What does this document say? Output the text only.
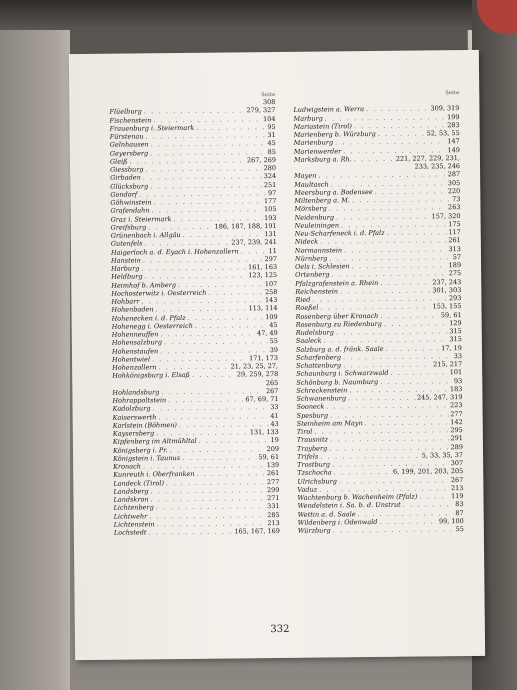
Seite
308
Flüelburg . . .	279, 327
Fischenstein . . .	104
Frauenburg i. Steiermark . . .	95
Fürstenau . . .	31
Gelnhausen . . .	45
Geyersberg . . .	85
Gleiß . . .	267, 269
Giessburg . . .	280
Girbaden . . .	324
Glücksburg . . .	251
Gondorf . . .	97
Göhwinstein . . .	177
Grafendahn . . .	105
Graz i. Steiermark . . .	193
Greifsburg . . .	186, 187, 188, 191
Grünenbach i. Allgäu . . .	131
Gutenfels . . .	237, 239, 241
Haigerloch a. d. Eyach i. Hohenzollern . . .	11
Hanstein . . .	297
Harburg . . .	161, 163
Heldburg . . .	123, 125
Heimhof b. Amberg . . .	107
Hochosterwitz i. Oesterreich . . .	258
Hohbarr . . .	143
Hohenbaden . . .	113, 114
Hohenecken i. d. Pfalz . . .	109
Hohenegg i. Oesterreich . . .	45
Hohenneuffen . . .	47, 49
Hohensalzburg . . .	55
Hohenstaufen . . .	39
Hohentwiel . . .	171, 173
Hohenzollern . . .	21, 23, 25, 27,
Hohkönigsburg i. Elsaß . . .	29, 259, 278
265
Hohlandsburg . . .	267
Hohrappoltstein . . .	67, 69, 71
Kadolzburg . . .	33
Kaiserswerth . . .	41
Karlstein (Böhmen) . . .	43
Kaysersberg . . .	131, 133
Kipfenberg im Altmühltal . . .	19
Königsberg i. Pr. . . .	209
Königstein i. Taunus . . .	59, 61
Kronach . . .	139
Kunreuth i. Oberfranken . . .	261
Landeck (Tirol) . . .	277
Landsberg . . .	299
Landskron . . .	271
Lichtenberg . . .	331
Lichtwehr . . .	285
Lichtenstein . . .	213
Lochstedt . . .	165, 167, 169
Seite
Ludwigstein a. Werra . . .	309, 319
Marburg . . .	199
Mariastein (Tirol) . . .	283
Marienberg b. Würzburg . . .	52, 53, 55
Marienburg . . .	147
Marienwerder . . .	149
Marksburg a. Rh. . . .	221, 227, 229, 231,
233, 235, 246
Mayen . . .	287
Maultasch . . .	305
Meersburg a. Bodensee . . .	220
Miltenberg a. M. . . .	73
Mörsberg . . .	263
Neidenburg . . .	157, 320
Neuleiningen . . .	175
Neu-Scharfeneck i. d. Pfalz . . .	117
Nideck . . .	261
Normannstein . . .	313
Nürnberg . . .	57
Oels i. Schlesien . . .	189
Ortenberg . . .	275
Pfalzgrafenstein a. Rhein . . .	237, 243
Reichenstein . . .	301, 303
Ried . . .	293
Roeßel . . .	153, 155
Rosenberg über Kronach . . .	59, 61
Rosenburg zu Riedenburg . . .	129
Rudelsburg . . .	315
Saaleck . . .	315
Salzburg a. d. fränk. Saale . . .	17, 19
Scharfenberg . . .	33
Schattenburg . . .	215, 217
Schaunburg i. Schwarzwald . . .	101
Schönburg b. Naumburg . . .	93
Schreckenstein . . .	183
Schwanenburg . . .	245, 247, 319
Sooneck . . .	223
Spesburg . . .	277
Steinheim am Mayn . . .	142
Tirol . . .	295
Trausnitz . . .	291
Trayberg . . .	289
Trifels . . .	5, 33, 35, 37
Trostburg . . .	307
Tzschocha . . .	6, 199, 201, 203, 205
Ulrichsburg . . .	267
Vaduz . . .	213
Wachtenburg b. Wachenheim (Pfalz) . . .	119
Wendelstein i. Sa. b. d. Unstrut . . .	83
Wettin a. d. Saale . . .	87
Wildenberg i. Odenwald . . .	99, 100
Würzburg . . .	55
332
